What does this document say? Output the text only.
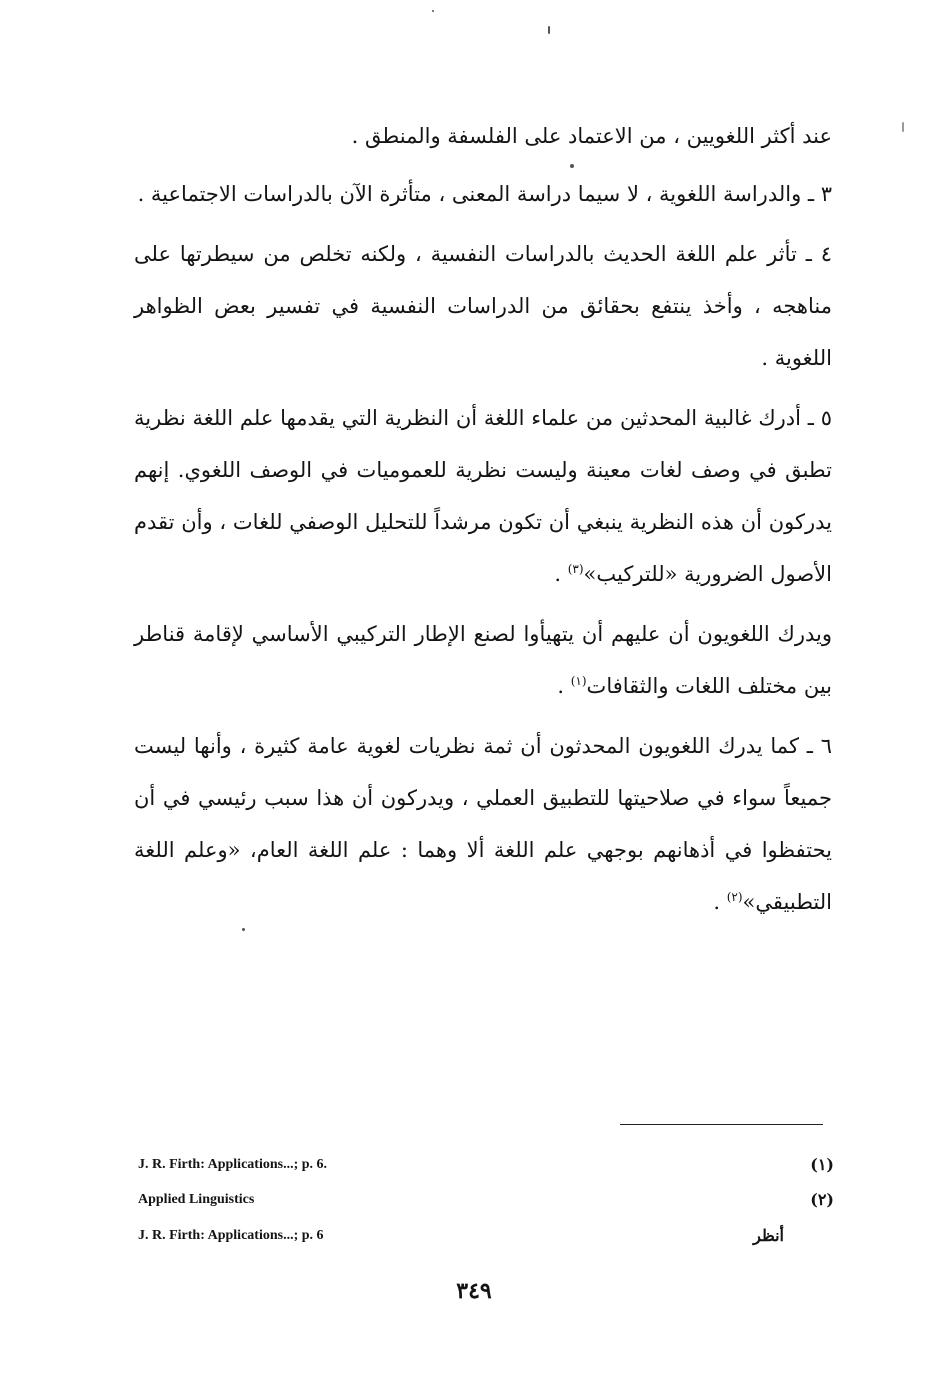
عند أكثر اللغويين ، من الاعتماد على الفلسفة والمنطق .

٣ ـ والدراسة اللغوية ، لا سيما دراسة المعنى ، متأثرة الآن بالدراسات الاجتماعية .

٤ ـ تأثر علم اللغة الحديث بالدراسات النفسية ، ولكنه تخلص من سيطرتها على مناهجه ، وأخذ ينتفع بحقائق من الدراسات النفسية في تفسير بعض الظواهر اللغوية .

٥ ـ أدرك غالبية المحدثين من علماء اللغة أن النظرية التي يقدمها علم اللغة نظرية تطبق في وصف لغات معينة وليست نظرية للعموميات في الوصف اللغوي. إنهم يدركون أن هذه النظرية ينبغي أن تكون مرشداً للتحليل الوصفي للغات ، وأن تقدم الأصول الضرورية «للتركيب»$^{(٣)}$ .

ويدرك اللغويون أن عليهم أن يتهيأوا لصنع الإطار التركيبي الأساسي لإقامة قناطر بين مختلف اللغات والثقافات$^{(١)}$ .

٦ ـ كما يدرك اللغويون المحدثون أن ثمة نظريات لغوية عامة كثيرة ، وأنها ليست جميعاً سواء في صلاحيتها للتطبيق العملي ، ويدركون أن هذا سبب رئيسي في أن يحتفظوا في أذهانهم بوجهي علم اللغة ألا وهما : علم اللغة العام، «وعلم اللغة التطبيقي»$^{(٢)}$ .

(١)
J. R. Firth: Applications...; p. 6.
(٢)
Applied Linguistics
أنظر
J. R. Firth: Applications...; p. 6
٣٤٩
